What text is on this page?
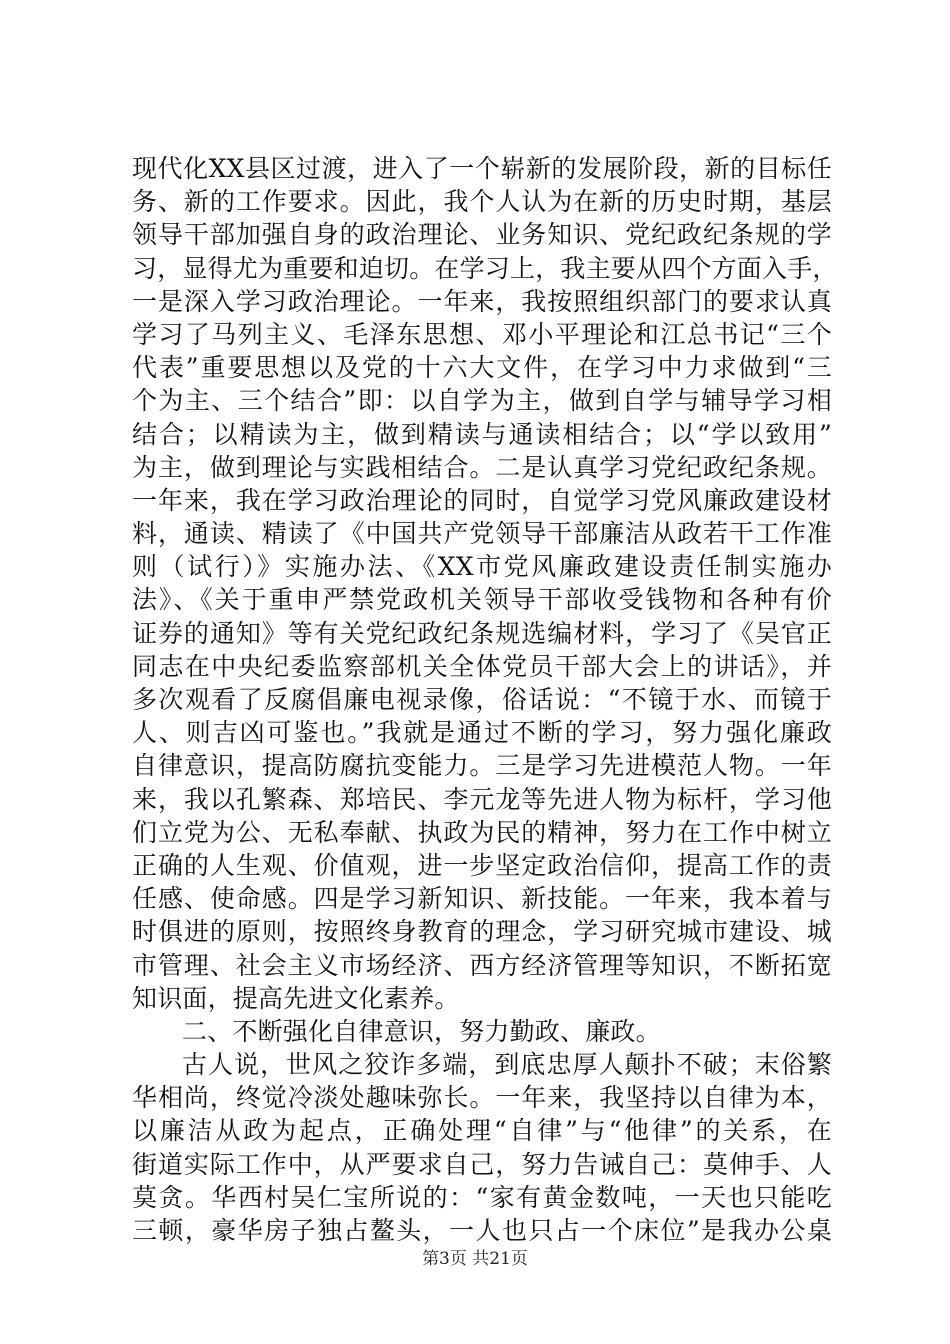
现代化XX县区过渡，进入了一个崭新的发展阶段，新的目标任
务、新的工作要求。因此，我个人认为在新的历史时期，基层
领导干部加强自身的政治理论、业务知识、党纪政纪条规的学
习，显得尤为重要和迫切。在学习上，我主要从四个方面入手，
一是深入学习政治理论。一年来，我按照组织部门的要求认真
学习了马列主义、毛泽东思想、邓小平理论和江总书记“三个
代表”重要思想以及党的十六大文件，在学习中力求做到“三
个为主、三个结合”即：以自学为主，做到自学与辅导学习相
结合；以精读为主，做到精读与通读相结合；以“学以致用”
为主，做到理论与实践相结合。二是认真学习党纪政纪条规。
一年来，我在学习政治理论的同时，自觉学习党风廉政建设材
料，通读、精读了《中国共产党领导干部廉洁从政若干工作准
则（试行）》实施办法、《XX市党风廉政建设责任制实施办
法》、《关于重申严禁党政机关领导干部收受钱物和各种有价
证券的通知》等有关党纪政纪条规选编材料，学习了《吴官正
同志在中央纪委监察部机关全体党员干部大会上的讲话》，并
多次观看了反腐倡廉电视录像，俗话说：“不镜于水、而镜于
人、则吉凶可鉴也。”我就是通过不断的学习，努力强化廉政
自律意识，提高防腐抗变能力。三是学习先进模范人物。一年
来，我以孔繁森、郑培民、李元龙等先进人物为标杆，学习他
们立党为公、无私奉献、执政为民的精神，努力在工作中树立
正确的人生观、价值观，进一步坚定政治信仰，提高工作的责
任感、使命感。四是学习新知识、新技能。一年来，我本着与
时俱进的原则，按照终身教育的理念，学习研究城市建设、城
市管理、社会主义市场经济、西方经济管理等知识，不断拓宽
知识面，提高先进文化素养。
二、不断强化自律意识，努力勤政、廉政。
古人说，世风之狡诈多端，到底忠厚人颠扑不破；末俗繁
华相尚，终觉冷淡处趣味弥长。一年来，我坚持以自律为本，
以廉洁从政为起点，正确处理“自律”与“他律”的关系，在
街道实际工作中，从严要求自己，努力告诫自己：莫伸手、人
莫贪。华西村吴仁宝所说的：“家有黄金数吨，一天也只能吃
三顿，豪华房子独占鳌头，一人也只占一个床位”是我办公桌
第3页 共21页
